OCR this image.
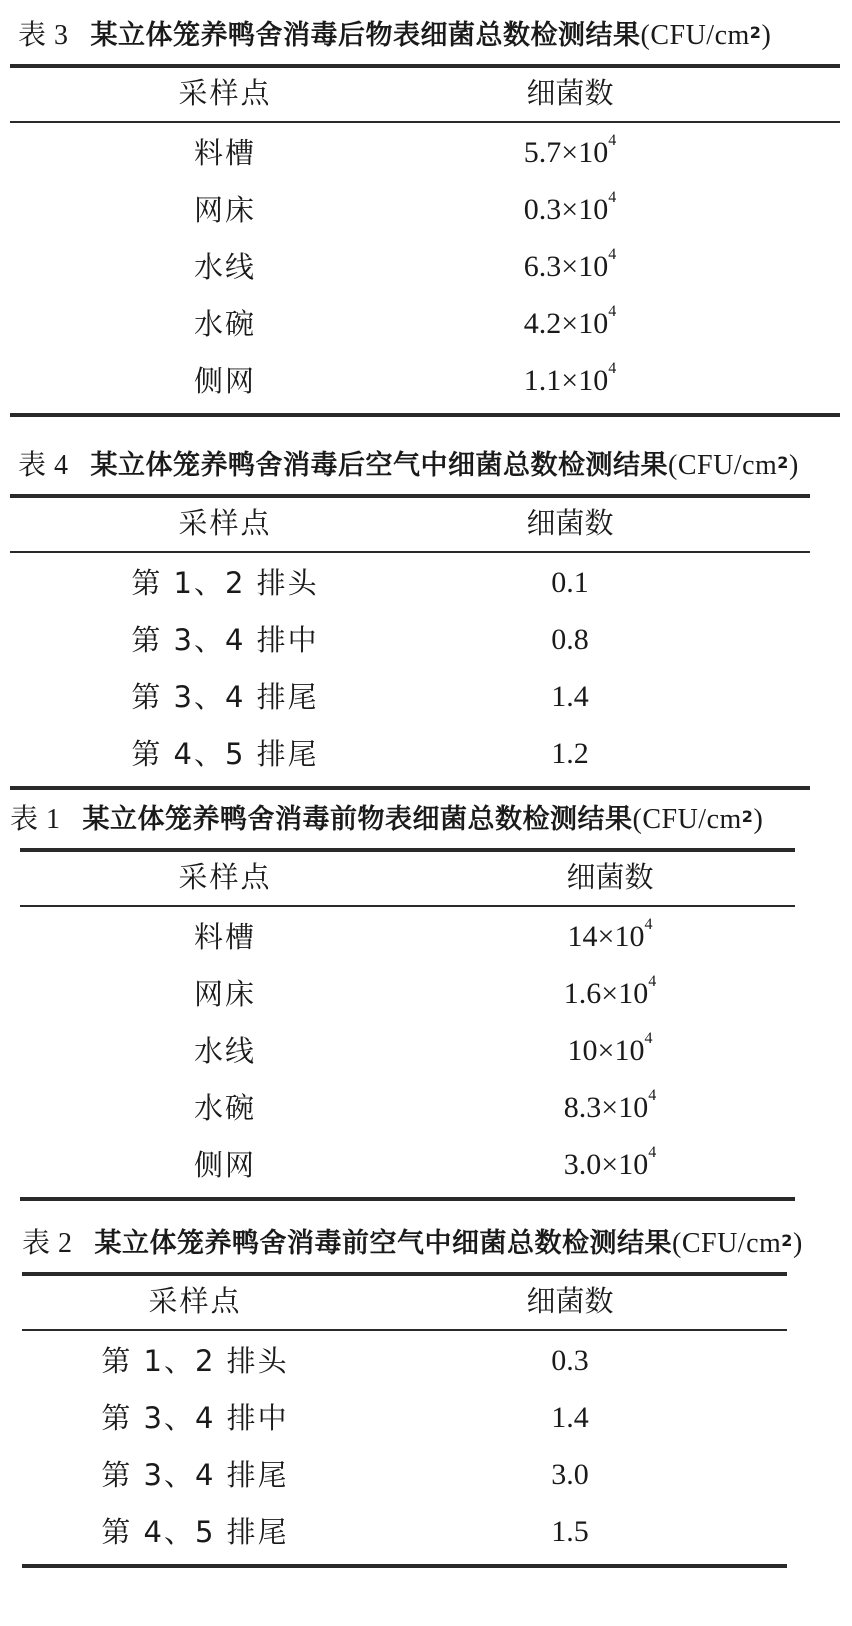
表 3 某立体笼养鸭舍消毒后物表细菌总数检测结果$(CFU/cm^2)$
采样点	细菌数
料槽	$5.7\times 10^4$
网床	$0.3\times 10^4$
水线	$6.3\times 10^4$
水碗	$4.2\times 10^4$
侧网	$1.1\times 10^4$
表 4 某立体笼养鸭舍消毒后空气中细菌总数检测结果$(CFU/cm^2)$
采样点	细菌数
第 1、2 排头	0.1
第 3、4 排中	0.8
第 3、4 排尾	1.4
第 4、5 排尾	1.2
表 1 某立体笼养鸭舍消毒前物表细菌总数检测结果$(CFU/cm^2)$
采样点	细菌数
料槽	$14\times 10^4$
网床	$1.6\times 10^4$
水线	$10\times 10^4$
水碗	$8.3\times 10^4$
侧网	$3.0\times 10^4$
表 2 某立体笼养鸭舍消毒前空气中细菌总数检测结果$(CFU/cm^2)$
采样点	细菌数
第 1、2 排头	0.3
第 3、4 排中	1.4
第 3、4 排尾	3.0
第 4、5 排尾	1.5
